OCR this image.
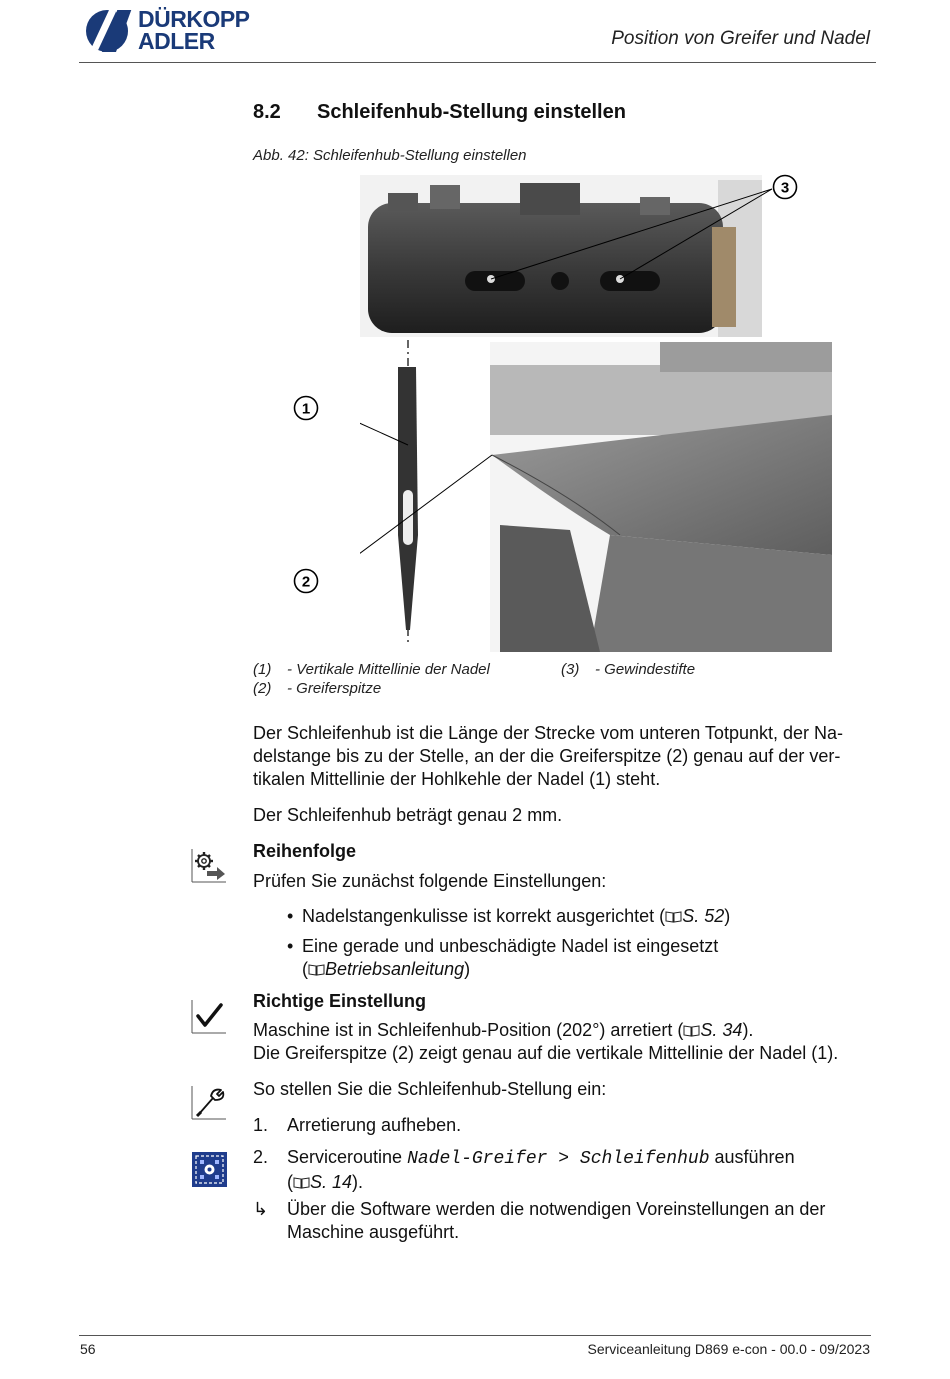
DÜRKOPP
ADLER	Position von Greifer und Nadel
8.2 Schleifenhub-Stellung einstellen
Abb. 42: Schleifenhub-Stellung einstellen
1
2
3
(1) - Vertikale Mittellinie der Nadel
(2) - Greiferspitze
(3) - Gewindestifte
Der Schleifenhub ist die Länge der Strecke vom unteren Totpunkt, der Na-
delstange bis zu der Stelle, an der die Greiferspitze (2) genau auf der ver-
tikalen Mittellinie der Hohlkehle der Nadel (1) steht.
Der Schleifenhub beträgt genau 2 mm.
Reihenfolge
Prüfen Sie zunächst folgende Einstellungen:
• Nadelstangenkulisse ist korrekt ausgerichtet ( S. 52)
• Eine gerade und unbeschädigte Nadel ist eingesetzt
( Betriebsanleitung)
Richtige Einstellung
Maschine ist in Schleifenhub-Position (202°) arretiert ( S. 34).
Die Greiferspitze (2) zeigt genau auf die vertikale Mittellinie der Nadel (1).
So stellen Sie die Schleifenhub-Stellung ein:
1. Arretierung aufheben.
2. Serviceroutine Nadel-Greifer > Schleifenhub ausführen
( S. 14).
↳ Über die Software werden die notwendigen Voreinstellungen an der
Maschine ausgeführt.
56	Serviceanleitung D869 e-con - 00.0 - 09/2023
